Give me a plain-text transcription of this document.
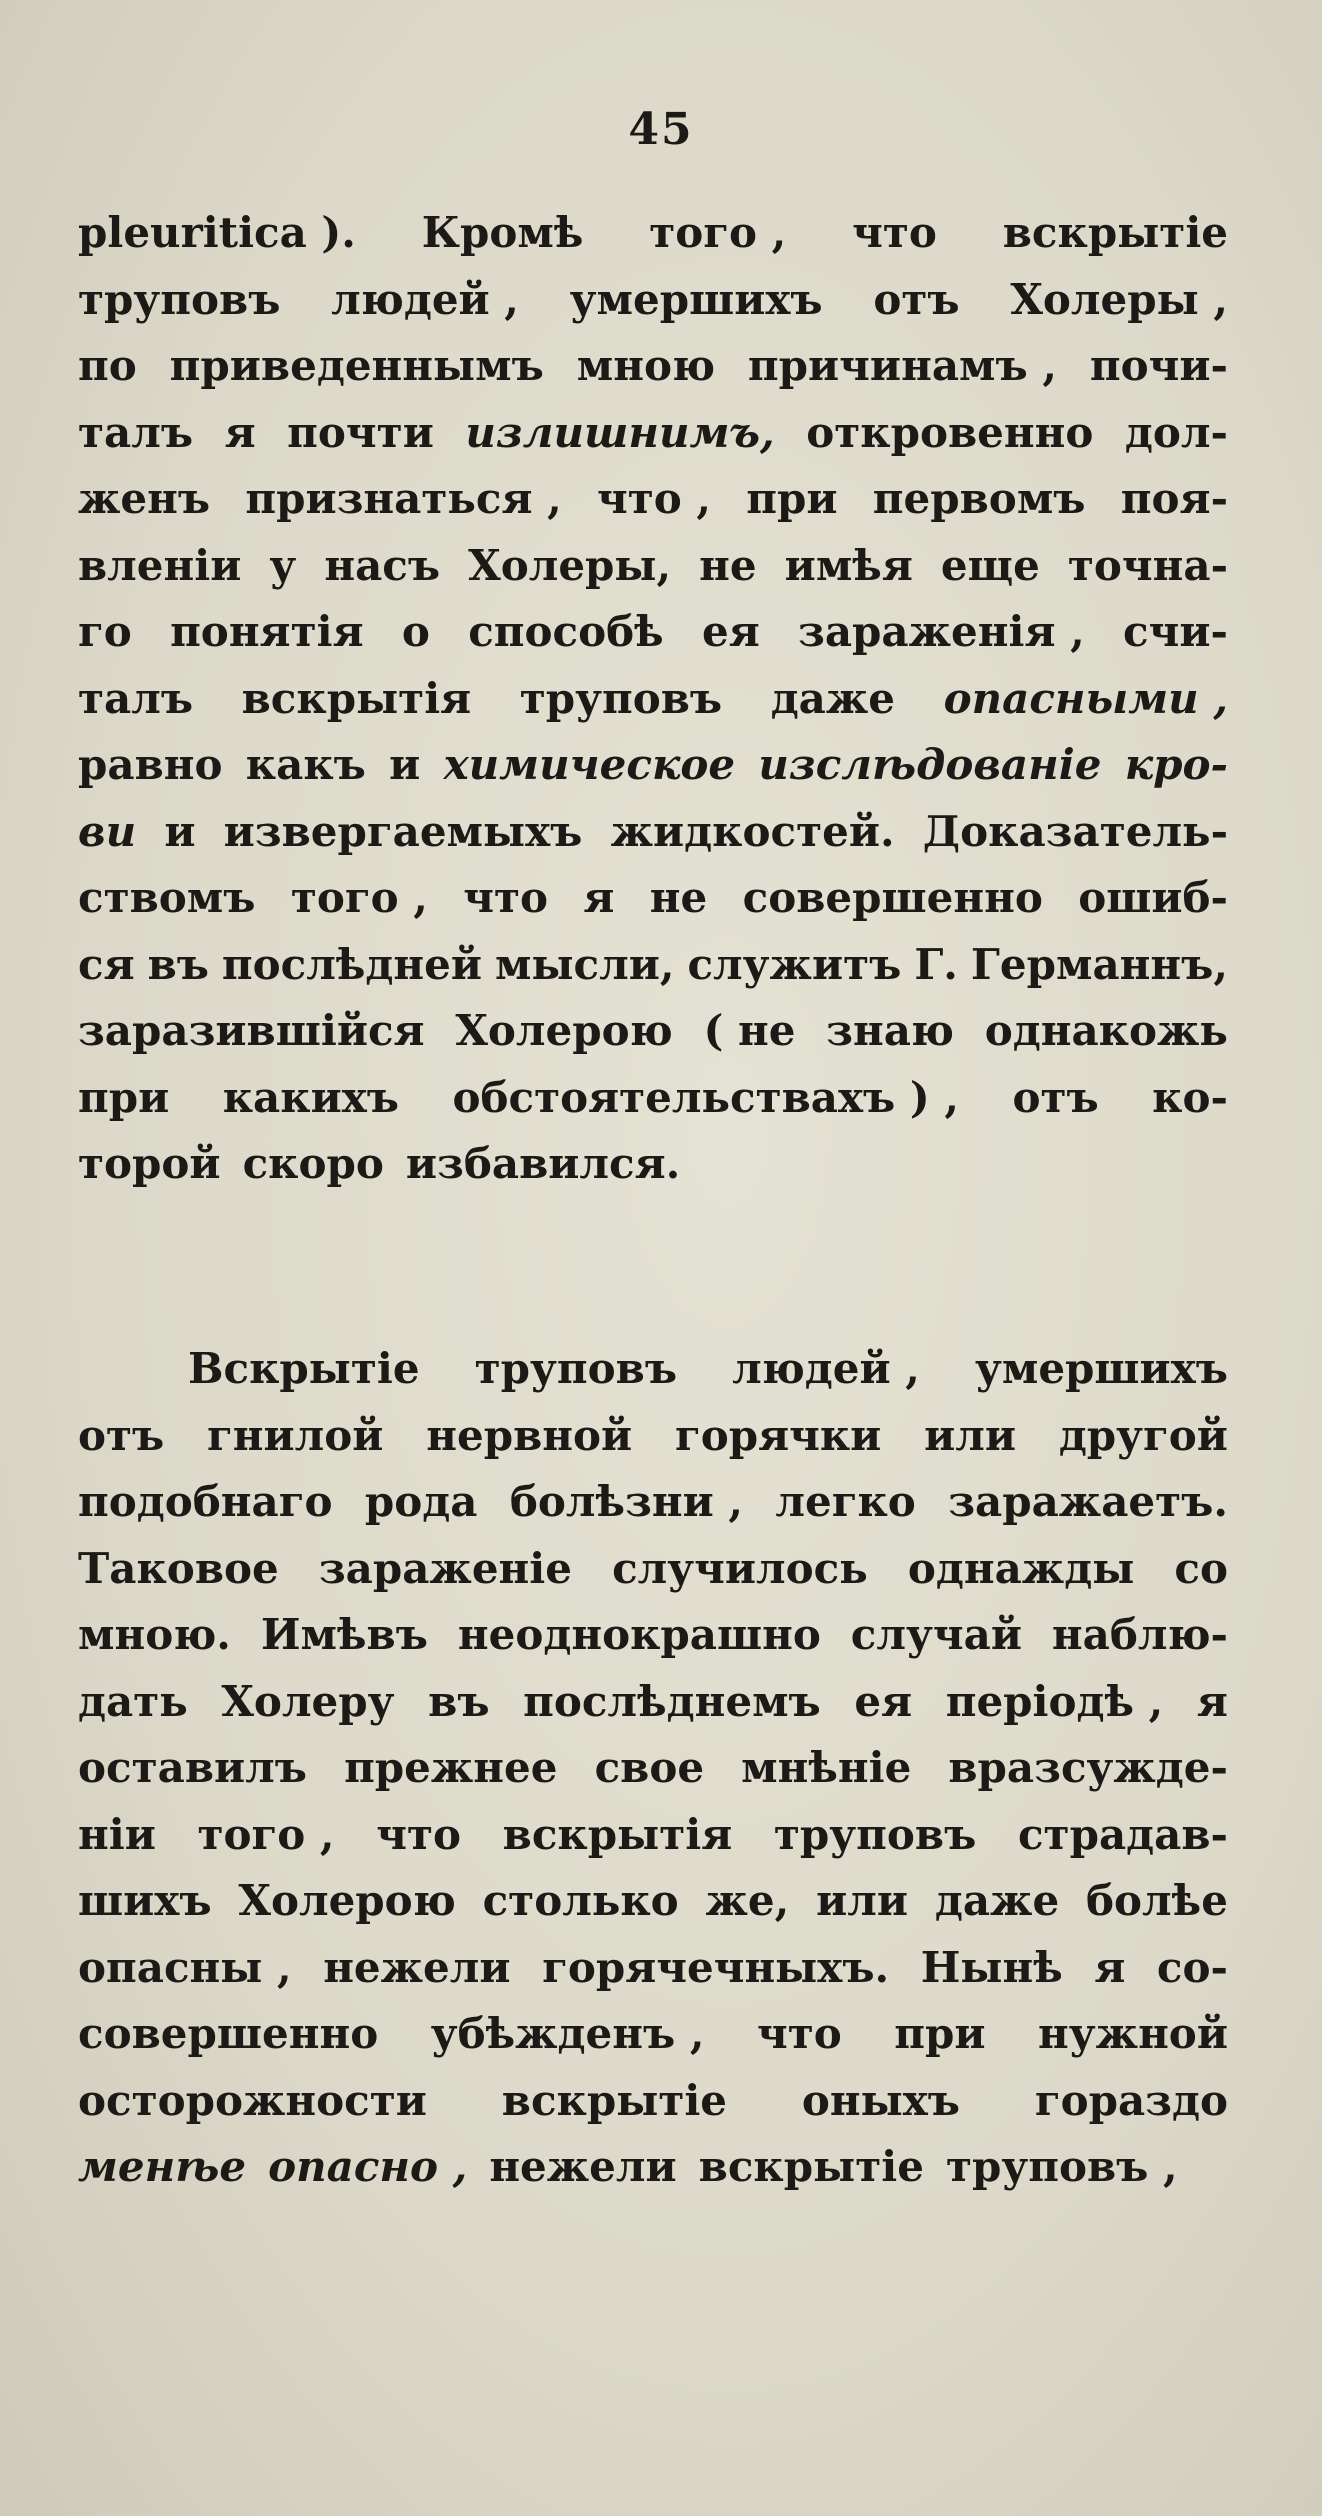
45
pleuritica ). Кромѣ того , что вскрытіе
труповъ людей , умершихъ отъ Холеры ,
по приведеннымъ мною причинамъ , почи-
талъ я почти излишнимъ, откровенно дол-
женъ признаться , что , при первомъ поя-
вленіи у насъ Холеры, не имѣя еще точна-
го понятія о способѣ ея зараженія , счи-
талъ вскрытія труповъ даже опасными ,
равно какъ и химическое изслѣдованіе кро-
ви и извергаемыхъ жидкостей. Доказатель-
ствомъ того , что я не совершенно ошиб-
ся въ послѣдней мысли, служитъ Г. Германнъ,
заразившійся Холерою ( не знаю однакожь
при какихъ обстоятельствахъ ) , отъ ко-
торой скоро избавился.
Вскрытіе труповъ людей , умершихъ
отъ гнилой нервной горячки или другой
подобнаго рода болѣзни , легко заражаетъ.
Таковое зараженіе случилось однажды со
мною. Имѣвъ неоднокрашно случай наблю-
дать Холеру въ послѣднемъ ея періодѣ , я
оставилъ прежнее свое мнѣніе вразсужде-
ніи того , что вскрытія труповъ страдав-
шихъ Холерою столько же, или даже болѣе
опасны , нежели горячечныхъ. Нынѣ я со-
совершенно убѣжденъ , что при нужной
осторожности вскрытіе оныхъ гораздо
менѣе опасно , нежели вскрытіе труповъ ,
